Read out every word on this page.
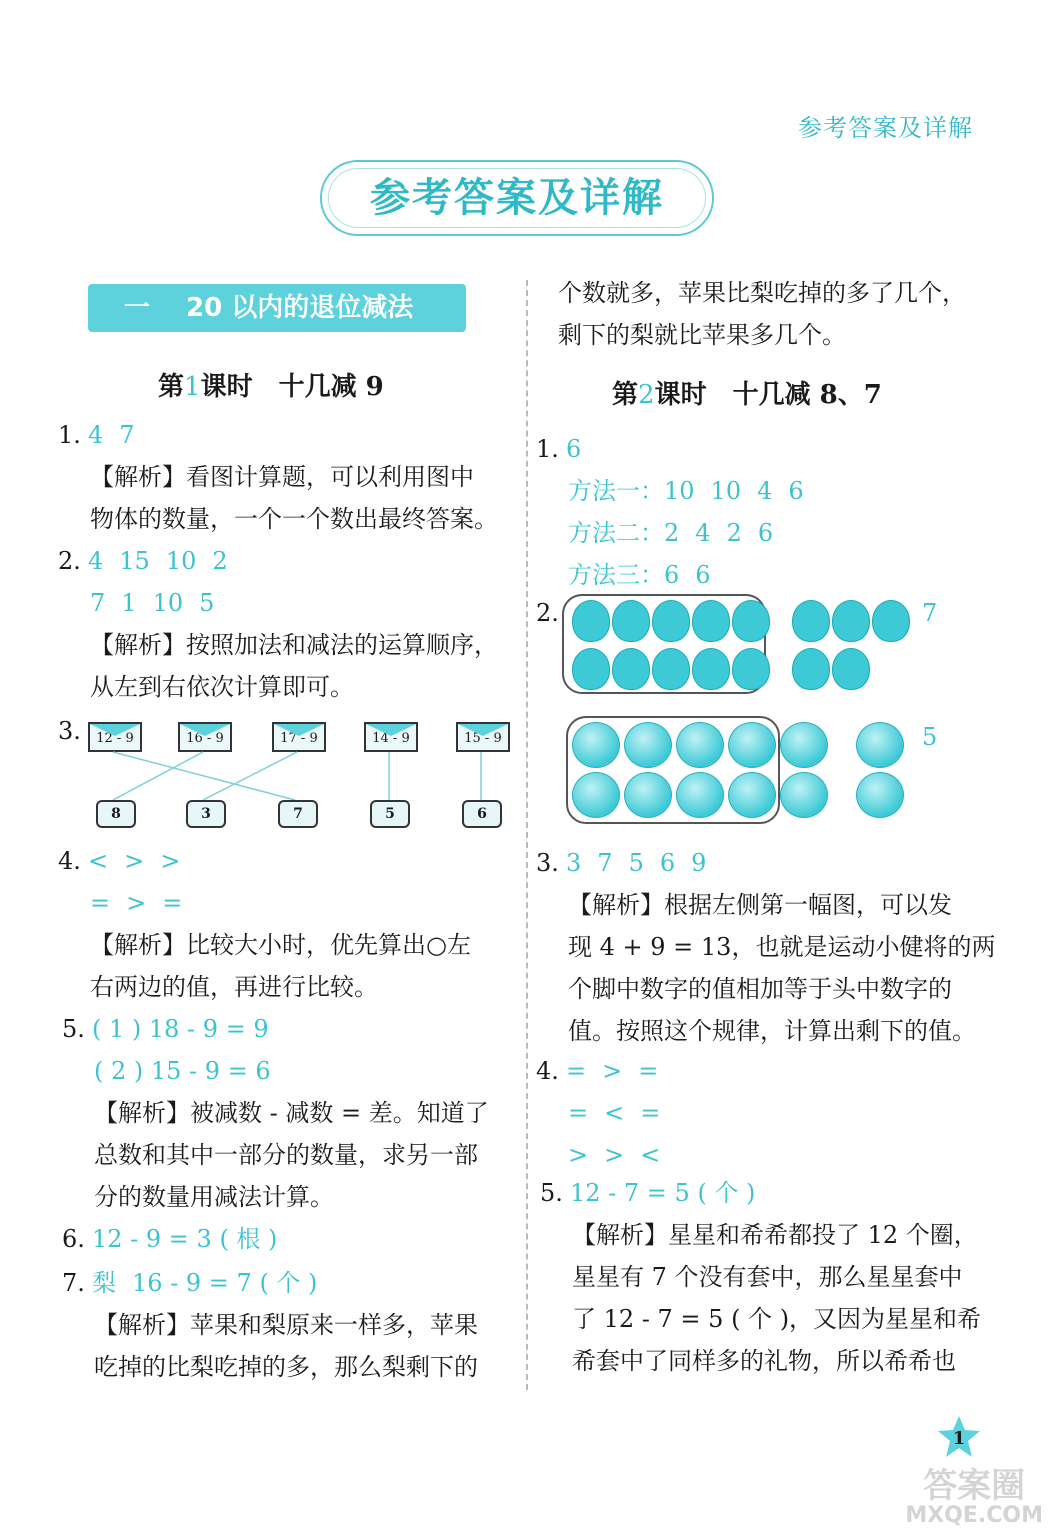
参考答案及详解
参考答案及详解
一 20 以内的退位减法
第1课时　十几减 9
1. 4 7
【解析】看图计算题，可以利用图中
物体的数量，一个一个数出最终答案。
2. 4 15 10 2
7 1 10 5
【解析】按照加法和减法的运算顺序，
从左到右依次计算即可。
3.	12 - 9	16 - 9	17 - 9	14 - 9	15 - 9
8	3	7	5	6
4. < > >
= > =
【解析】比较大小时，优先算出○左
右两边的值，再进行比较。
5. ( 1 ) 18 - 9 = 9
( 2 ) 15 - 9 = 6
【解析】被减数 - 减数 = 差。知道了
总数和其中一部分的数量，求另一部
分的数量用减法计算。
6. 12 - 9 = 3 ( 根 )
7. 梨 16 - 9 = 7 ( 个 )
【解析】苹果和梨原来一样多，苹果
吃掉的比梨吃掉的多，那么梨剩下的
个数就多，苹果比梨吃掉的多了几个，
剩下的梨就比苹果多几个。
第2课时　十几减 8、7
1. 6
方法一：10 10 4 6
方法二：2 4 2 6
方法三：6 6
2.	7
5
3. 3 7 5 6 9
【解析】根据左侧第一幅图，可以发
现 4 + 9 = 13，也就是运动小健将的两
个脚中数字的值相加等于头中数字的
值。按照这个规律，计算出剩下的值。
4. = > =
= < =
> > <
5. 12 - 7 = 5 ( 个 )
【解析】星星和希希都投了 12 个圈，
星星有 7 个没有套中，那么星星套中
了 12 - 7 = 5 ( 个 )，又因为星星和希
希套中了同样多的礼物，所以希希也
1
答案圈
MXQE.COM
